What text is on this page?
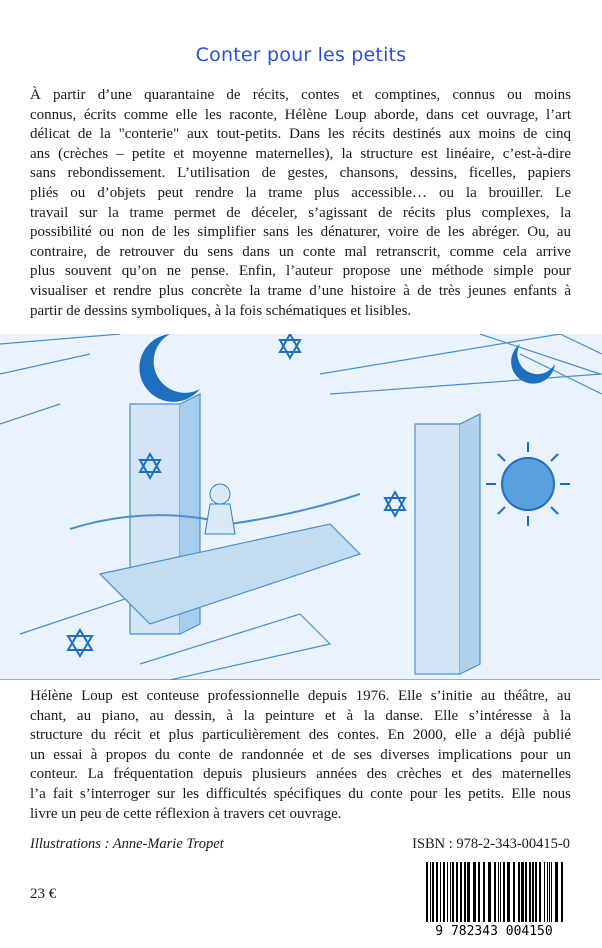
Conter pour les petits
À partir d’une quarantaine de récits, contes et comptines, connus ou moins
connus, écrits comme elle les raconte, Hélène Loup aborde, dans cet ouvrage, l’art
délicat de la "conterie" aux tout-petits. Dans les récits destinés aux moins de cinq
ans (crèches – petite et moyenne maternelles), la structure est linéaire, c’est-à-dire
sans rebondissement. L’utilisation de gestes, chansons, dessins, ficelles, papiers
pliés ou d’objets peut rendre la trame plus accessible… ou la brouiller. Le
travail sur la trame permet de déceler, s’agissant de récits plus complexes, la
possibilité ou non de les simplifier sans les dénaturer, voire de les abréger. Ou, au
contraire, de retrouver du sens dans un conte mal retranscrit, comme cela arrive
plus souvent qu’on ne pense. Enfin, l’auteur propose une méthode simple pour
visualiser et rendre plus concrète la trame d’une histoire à de très jeunes enfants à
partir de dessins symboliques, à la fois schématiques et lisibles.
Hélène Loup est conteuse professionnelle depuis 1976. Elle s’initie au théâtre, au
chant, au piano, au dessin, à la peinture et à la danse. Elle s’intéresse à la
structure du récit et plus particulièrement des contes. En 2000, elle a déjà publié
un essai à propos du conte de randonnée et de ses diverses implications pour un
conteur. La fréquentation depuis plusieurs années des crèches et des maternelles
l’a fait s’interroger sur les difficultés spécifiques du conte pour les petits. Elle nous
livre un peu de cette réflexion à travers cet ouvrage.
Illustrations : Anne-Marie Tropet	ISBN : 978-2-343-00415-0
9 782343 004150
23 €
